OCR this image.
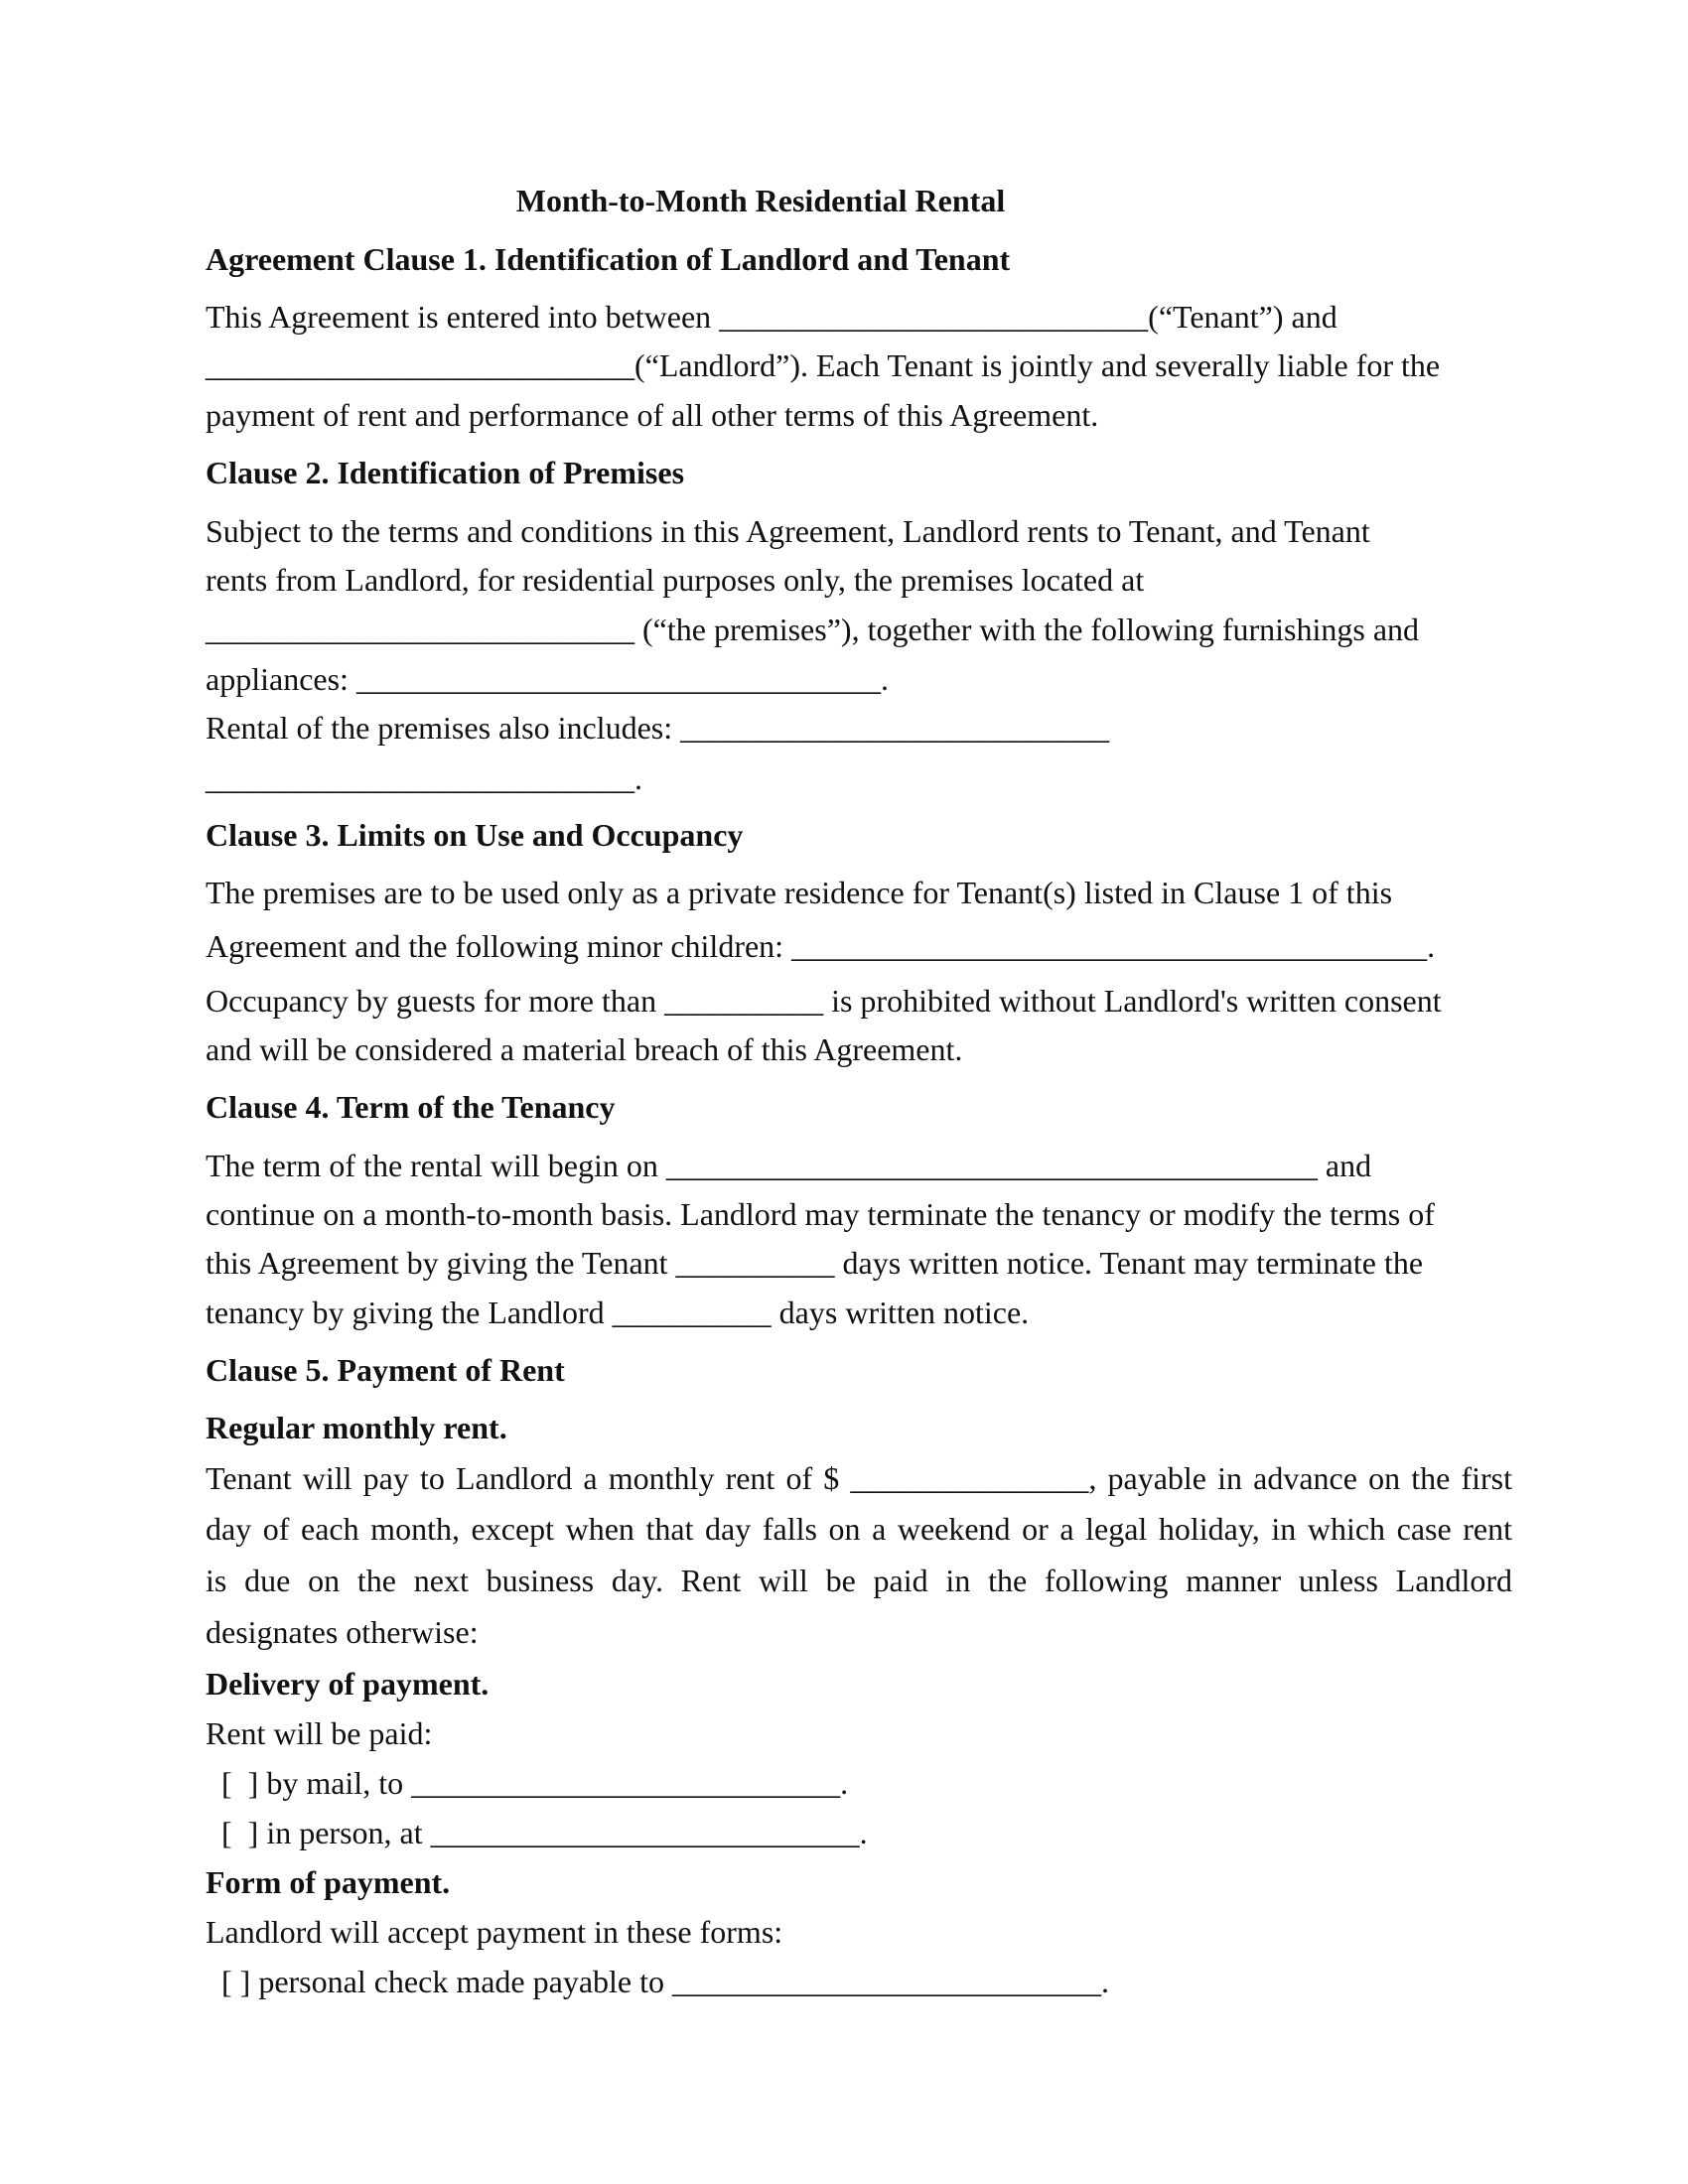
Month-to-Month Residential Rental

Agreement Clause 1. Identification of Landlord and Tenant

This Agreement is entered into between ___________________________(“Tenant”) and

___________________________(“Landlord”). Each Tenant is jointly and severally liable for the

payment of rent and performance of all other terms of this Agreement.

Clause 2. Identification of Premises

Subject to the terms and conditions in this Agreement, Landlord rents to Tenant, and Tenant

rents from Landlord, for residential purposes only, the premises located at

___________________________ (“the premises”), together with the following furnishings and

appliances: _________________________________.

Rental of the premises also includes: ___________________________

___________________________.

Clause 3. Limits on Use and Occupancy

The premises are to be used only as a private residence for Tenant(s) listed in Clause 1 of this

Agreement and the following minor children: ________________________________________.

Occupancy by guests for more than __________ is prohibited without Landlord's written consent

and will be considered a material breach of this Agreement.

Clause 4. Term of the Tenancy

The term of the rental will begin on _________________________________________ and

continue on a month-to-month basis. Landlord may terminate the tenancy or modify the terms of

this Agreement by giving the Tenant __________ days written notice. Tenant may terminate the

tenancy by giving the Landlord __________ days written notice.

Clause 5. Payment of Rent

Regular monthly rent.

Tenant will pay to Landlord a monthly rent of $ _______________, payable in advance on the first

day of each month, except when that day falls on a weekend or a legal holiday, in which case rent

is due on the next business day. Rent will be paid in the following manner unless Landlord

designates otherwise:

Delivery of payment.

Rent will be paid:

[  ] by mail, to ___________________________.

[  ] in person, at ___________________________.

Form of payment.

Landlord will accept payment in these forms:

[ ] personal check made payable to ___________________________.
